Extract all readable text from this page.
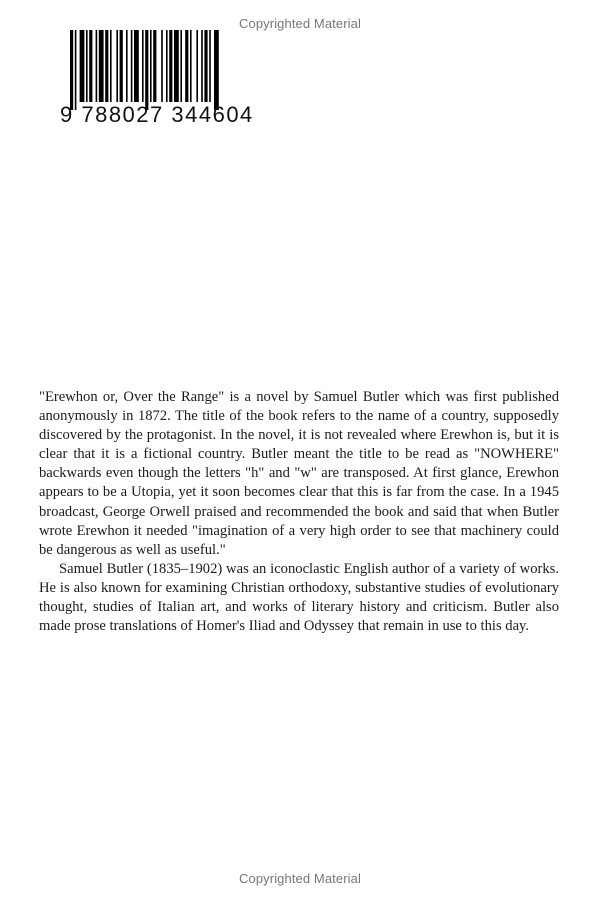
Copyrighted Material
9 788027 344604

"Erewhon or, Over the Range" is a novel by Samuel Butler which was first published anonymously in 1872. The title of the book refers to the name of a country, supposedly discovered by the protagonist. In the novel, it is not revealed where Erewhon is, but it is clear that it is a fictional country. Butler meant the title to be read as "NOWHERE" backwards even though the letters "h" and "w" are transposed. At first glance, Erewhon appears to be a Utopia, yet it soon becomes clear that this is far from the case. In a 1945 broadcast, George Orwell praised and recommended the book and said that when Butler wrote Erewhon it needed "imagination of a very high order to see that machinery could be dangerous as well as useful."

Samuel Butler (1835–1902) was an iconoclastic English author of a variety of works. He is also known for examining Christian orthodoxy, substantive studies of evolutionary thought, studies of Italian art, and works of literary history and criticism. Butler also made prose translations of Homer's Iliad and Odyssey that remain in use to this day.

Copyrighted Material
